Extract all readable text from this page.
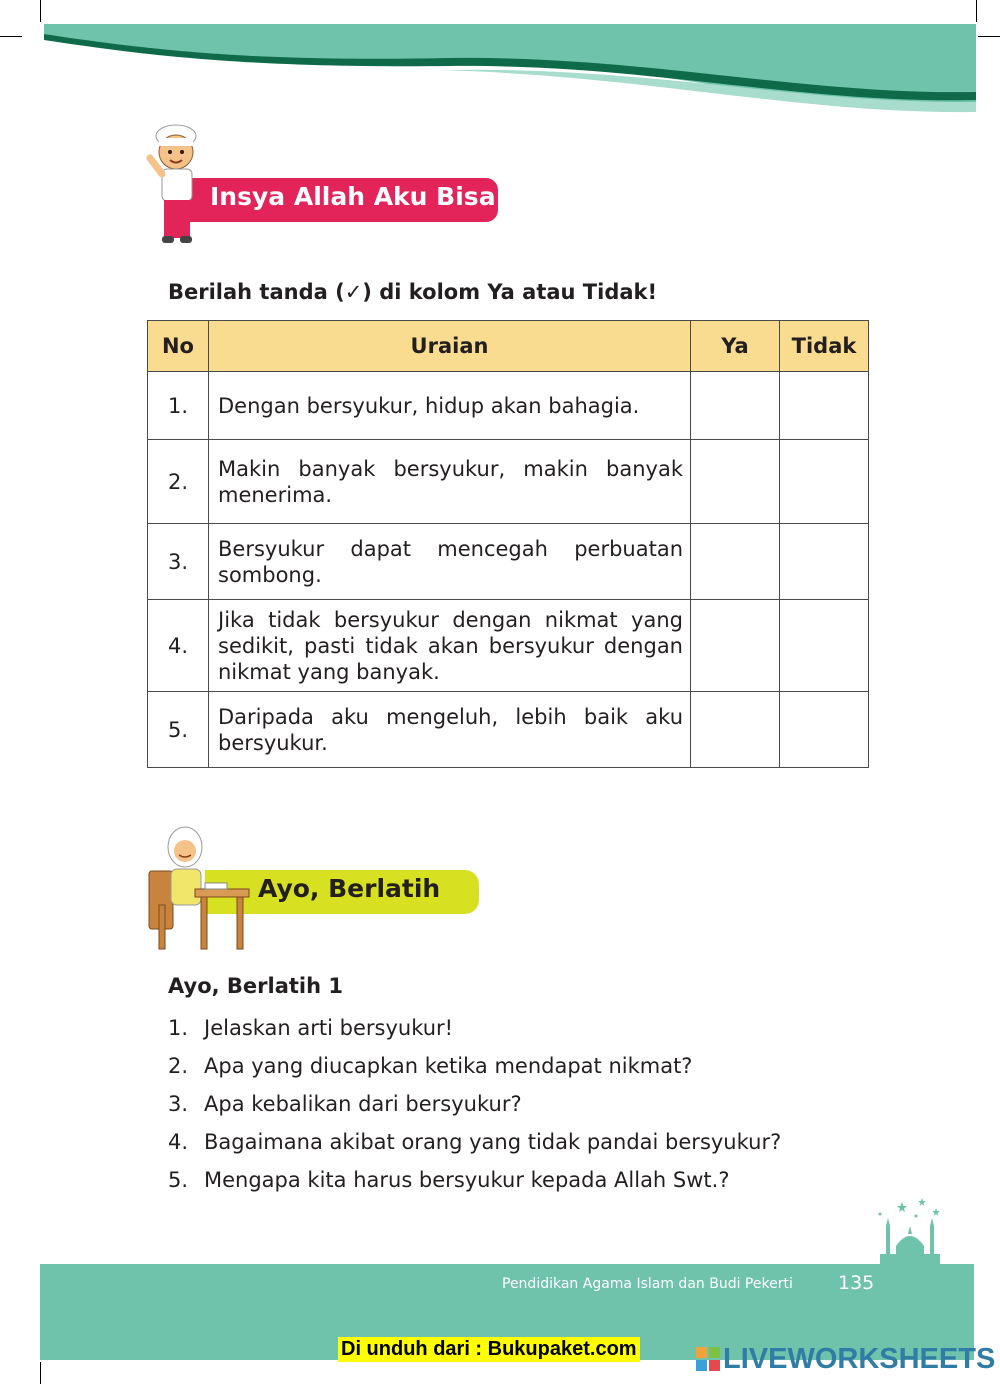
Insya Allah Aku Bisa
Berilah tanda (✓) di kolom Ya atau Tidak!
No	Uraian	Ya	Tidak
1.	Dengan bersyukur, hidup akan bahagia.		
2.	Makin banyak bersyukur, makin banyak menerima.		
3.	Bersyukur dapat mencegah perbuatan sombong.		
4.	Jika tidak bersyukur dengan nikmat yang sedikit, pasti tidak akan bersyukur dengan nikmat yang banyak.		
5.	Daripada aku mengeluh, lebih baik aku bersyukur.		
Ayo, Berlatih
Ayo, Berlatih 1
1. Jelaskan arti bersyukur!
2. Apa yang diucapkan ketika mendapat nikmat?
3. Apa kebalikan dari bersyukur?
4. Bagaimana akibat orang yang tidak pandai bersyukur?
5. Mengapa kita harus bersyukur kepada Allah Swt.?
Pendidikan Agama Islam dan Budi Pekerti 135
Di unduh dari : Bukupaket.com	LIVEWORKSHEETS
